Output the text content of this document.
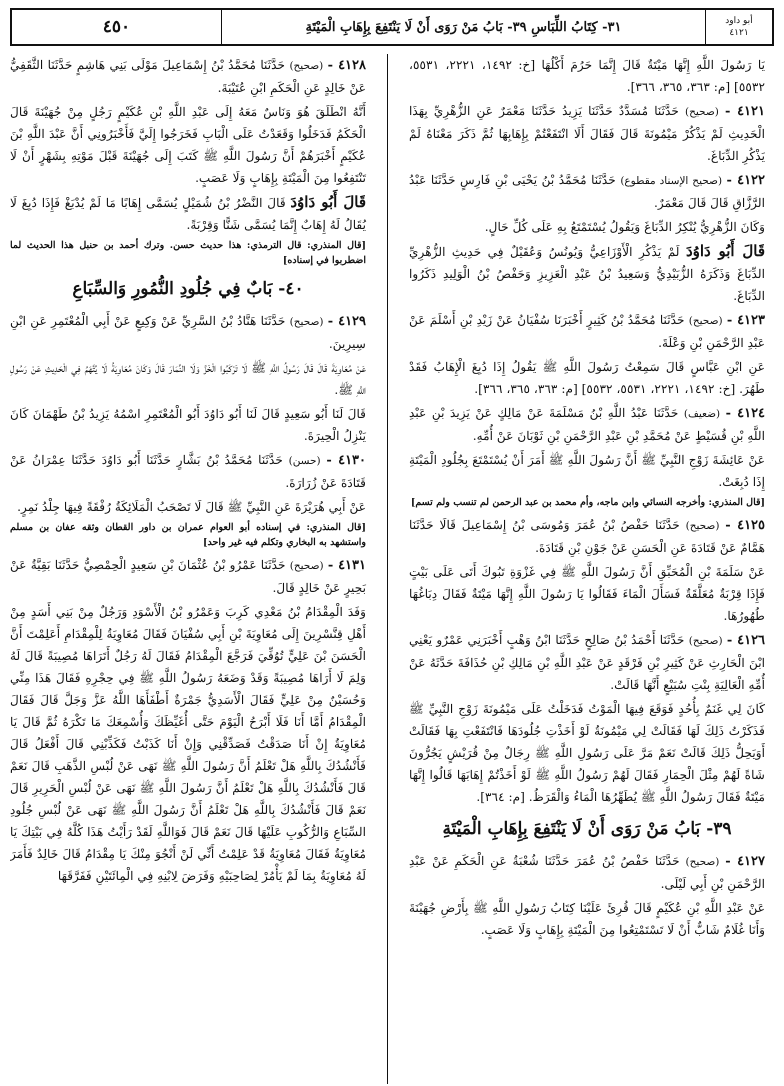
٤٥٠	٣١- كِتَابُ اللِّبَاسِ ٣٩- بَابُ مَنْ رَوَى أَنْ لَا يَنْتَفِعَ بِإِهَابِ الْمَيْتَةِ	أبو داود
٤١٢١
٤١٢٨ - (صحيح) حَدَّثَنَا مُحَمَّدُ بْنُ إِسْمَاعِيلَ مَوْلَى بَنِي هَاشِمٍ حَدَّثَنَا الثَّقَفِيُّ عَنْ خَالِدٍ عَنِ الْحَكَمِ ابْنِ عُتَيْبَةَ.
أَنَّهُ انْطَلَقَ هُوَ وَنَاسٌ مَعَهُ إِلَى عَبْدِ اللَّهِ بْنِ عُكَيْمٍ رَجُلٍ مِنْ جُهَيْنَةَ قَالَ الْحَكَمُ فَدَخَلُوا وَقَعَدْتُ عَلَى الْبَابِ فَخَرَجُوا إِلَيَّ فَأَخْبَرُونِي أَنَّ عَبْدَ اللَّهِ بْنَ عُكَيْمٍ أَخْبَرَهُمْ أَنَّ رَسُولَ اللَّهِ ﷺ كَتَبَ إِلَى جُهَيْنَةَ قَبْلَ مَوْتِهِ بِشَهْرٍ أَنْ لَا تَنْتَفِعُوا مِنَ الْمَيْتَةِ بِإِهَابٍ وَلَا عَصَبٍ.
قَالَ أَبُو دَاوُدَ قَالَ النَّضْرُ بْنُ شُمَيْلٍ يُسَمَّى إِهَابًا مَا لَمْ يُدْبَغْ فَإِذَا دُبِغَ لَا يُقَالُ لَهُ إِهَابٌ إِنَّمَا يُسَمَّى شَنًّا وَقِرْبَةً.
[قال المنذري: قال الترمذي: هذا حديث حسن. وترك أحمد بن حنبل هذا الحديث لما اضطربوا في إسناده]
٤٠- بَابٌ فِي جُلُودِ النُّمُورِ وَالسِّبَاعِ
٤١٢٩ - (صحيح) حَدَّثَنَا هَنَّادُ بْنُ السَّرِيِّ عَنْ وَكِيعٍ عَنْ أَبِي الْمُعْتَمِرِ عَنِ ابْنِ سِيرِينَ.
عَنْ مُعَاوِيَةَ قَالَ قَالَ رَسُولُ اللَّهِ ﷺ لَا تَرْكَبُوا الْخَزَّ وَلَا النِّمَارَ قَالَ وَكَانَ مُعَاوِيَةُ لَا يُتَّهَمُ فِي الْحَدِيثِ عَنْ رَسُولِ اللَّهِ ﷺ.
قَالَ لَنَا أَبُو سَعِيدٍ قَالَ لَنَا أَبُو دَاوُدَ أَبُو الْمُعْتَمِرِ اسْمُهُ يَزِيدُ بْنُ طَهْمَانَ كَانَ يَنْزِلُ الْحِيرَةَ.
٤١٣٠ - (حسن) حَدَّثَنَا مُحَمَّدُ بْنُ بَشَّارٍ حَدَّثَنَا أَبُو دَاوُدَ حَدَّثَنَا عِمْرَانُ عَنْ قَتَادَةَ عَنْ زُرَارَةَ.
عَنْ أَبِي هُرَيْرَةَ عَنِ النَّبِيِّ ﷺ قَالَ لَا تَصْحَبُ الْمَلَائِكَةُ رُفْقَةً فِيهَا جِلْدُ نَمِرٍ.
[قال المنذري: في إسناده أبو العوام عمران بن داور القطان وثقه عفان بن مسلم واستشهد به البخاري وتكلم فيه غير واحد]
٤١٣١ - (صحيح) حَدَّثَنَا عَمْرُو بْنُ عُثْمَانَ بْنِ سَعِيدٍ الْحِمْصِيُّ حَدَّثَنَا بَقِيَّةُ عَنْ بَحِيرٍ عَنْ خَالِدٍ قَالَ.
وَفَدَ الْمِقْدَامُ بْنُ مَعْدِي كَرِبَ وَعَمْرُو بْنُ الْأَسْوَدِ وَرَجُلٌ مِنْ بَنِي أَسَدٍ مِنْ أَهْلِ قِنَّسْرِينَ إِلَى مُعَاوِيَةَ بْنِ أَبِي سُفْيَانَ فَقَالَ مُعَاوِيَةُ لِلْمِقْدَامِ أَعَلِمْتَ أَنَّ الْحَسَنَ بْنَ عَلِيٍّ تُوُفِّيَ فَرَجَّعَ الْمِقْدَامُ فَقَالَ لَهُ رَجُلٌ أَتَرَاهَا مُصِيبَةً قَالَ لَهُ وَلِمَ لَا أَرَاهَا مُصِيبَةً وَقَدْ وَضَعَهُ رَسُولُ اللَّهِ ﷺ فِي حِجْرِهِ فَقَالَ هَذَا مِنِّي وَحُسَيْنٌ مِنْ عَلِيٍّ فَقَالَ الْأَسَدِيُّ جَمْرَةٌ أَطْفَأَهَا اللَّهُ عَزَّ وَجَلَّ قَالَ فَقَالَ الْمِقْدَامُ أَمَّا أَنَا فَلَا أَبْرَحُ الْيَوْمَ حَتَّى أُغَيِّظَكَ وَأُسْمِعَكَ مَا تَكْرَهُ ثُمَّ قَالَ يَا مُعَاوِيَةُ إِنْ أَنَا صَدَقْتُ فَصَدِّقْنِي وَإِنْ أَنَا كَذَبْتُ فَكَذِّبْنِي قَالَ أَفْعَلُ قَالَ فَأَنْشُدُكَ بِاللَّهِ هَلْ تَعْلَمُ أَنَّ رَسُولَ اللَّهِ ﷺ نَهَى عَنْ لُبْسِ الذَّهَبِ قَالَ نَعَمْ قَالَ فَأَنْشُدُكَ بِاللَّهِ هَلْ تَعْلَمُ أَنَّ رَسُولَ اللَّهِ ﷺ نَهَى عَنْ لُبْسِ الْحَرِيرِ قَالَ نَعَمْ قَالَ فَأَنْشُدُكَ بِاللَّهِ هَلْ تَعْلَمُ أَنَّ رَسُولَ اللَّهِ ﷺ نَهَى عَنْ لُبْسِ جُلُودِ السِّبَاعِ وَالرُّكُوبِ عَلَيْهَا قَالَ نَعَمْ قَالَ فَوَاللَّهِ لَقَدْ رَأَيْتُ هَذَا كُلَّهُ فِي بَيْتِكَ يَا مُعَاوِيَةُ فَقَالَ مُعَاوِيَةُ قَدْ عَلِمْتُ أَنِّي لَنْ أَنْجُوَ مِنْكَ يَا مِقْدَامُ قَالَ خَالِدٌ فَأَمَرَ لَهُ مُعَاوِيَةُ بِمَا لَمْ يَأْمُرْ لِصَاحِبَيْهِ وَفَرَضَ لِابْنِهِ فِي الْمِائَتَيْنِ فَفَرَّقَهَا
يَا رَسُولَ اللَّهِ إِنَّهَا مَيْتَةٌ قَالَ إِنَّمَا حَرُمَ أَكْلُهَا [خ: ١٤٩٢، ٢٢٢١، ٥٥٣١، ٥٥٣٢] [م: ٣٦٣، ٣٦٥، ٣٦٦].
٤١٢١ - (صحيح) حَدَّثَنَا مُسَدَّدٌ حَدَّثَنَا يَزِيدُ حَدَّثَنَا مَعْمَرٌ عَنِ الزُّهْرِيِّ بِهَذَا الْحَدِيثِ لَمْ يَذْكُرْ مَيْمُونَةَ قَالَ فَقَالَ أَلَا انْتَفَعْتُمْ بِإِهَابِهَا ثُمَّ ذَكَرَ مَعْنَاهُ لَمْ يَذْكُرِ الدِّبَاغَ.
٤١٢٢ - (صحيح الإسناد مقطوع) حَدَّثَنَا مُحَمَّدُ بْنُ يَحْيَى بْنِ فَارِسٍ حَدَّثَنَا عَبْدُ الرَّزَّاقِ قَالَ قَالَ مَعْمَرٌ.
وَكَانَ الزُّهْرِيُّ يُنْكِرُ الدِّبَاغَ وَيَقُولُ يُسْتَمْتَعُ بِهِ عَلَى كُلِّ حَالٍ.
قَالَ أَبُو دَاوُدَ لَمْ يَذْكُرِ الْأَوْزَاعِيُّ وَيُونُسُ وَعُقَيْلٌ فِي حَدِيثِ الزُّهْرِيِّ الدِّبَاغَ وَذَكَرَهُ الزُّبَيْدِيُّ وَسَعِيدُ بْنُ عَبْدِ الْعَزِيزِ وَحَفْصُ بْنُ الْوَلِيدِ ذَكَرُوا الدِّبَاغَ.
٤١٢٣ - (صحيح) حَدَّثَنَا مُحَمَّدُ بْنُ كَثِيرٍ أَخْبَرَنَا سُفْيَانُ عَنْ زَيْدِ بْنِ أَسْلَمَ عَنْ عَبْدِ الرَّحْمَنِ بْنِ وَعْلَةَ.
عَنِ ابْنِ عَبَّاسٍ قَالَ سَمِعْتُ رَسُولَ اللَّهِ ﷺ يَقُولُ إِذَا دُبِغَ الْإِهَابُ فَقَدْ طَهُرَ. [خ: ١٤٩٢، ٢٢٢١، ٥٥٣١، ٥٥٣٢] [م: ٣٦٣، ٣٦٥، ٣٦٦].
٤١٢٤ - (ضعيف) حَدَّثَنَا عَبْدُ اللَّهِ بْنُ مَسْلَمَةَ عَنْ مَالِكٍ عَنْ يَزِيدَ بْنِ عَبْدِ اللَّهِ بْنِ قُسَيْطٍ عَنْ مُحَمَّدِ بْنِ عَبْدِ الرَّحْمَنِ بْنِ ثَوْبَانَ عَنْ أُمِّهِ.
عَنْ عَائِشَةَ زَوْجِ النَّبِيِّ ﷺ أَنَّ رَسُولَ اللَّهِ ﷺ أَمَرَ أَنْ يُسْتَمْتَعَ بِجُلُودِ الْمَيْتَةِ إِذَا دُبِغَتْ.
[قال المنذري: وأخرجه النسائي وابن ماجه، وأم محمد بن عبد الرحمن لم تنسب ولم تسم]
٤١٢٥ - (صحيح) حَدَّثَنَا حَفْصُ بْنُ عُمَرَ وَمُوسَى بْنُ إِسْمَاعِيلَ قَالَا حَدَّثَنَا هَمَّامٌ عَنْ قَتَادَةَ عَنِ الْحَسَنِ عَنْ جَوْنِ بْنِ قَتَادَةَ.
عَنْ سَلَمَةَ بْنِ الْمُحَبِّقِ أَنَّ رَسُولَ اللَّهِ ﷺ فِي غَزْوَةِ تَبُوكَ أَتَى عَلَى بَيْتٍ فَإِذَا قِرْبَةٌ مُعَلَّقَةٌ فَسَأَلَ الْمَاءَ فَقَالُوا يَا رَسُولَ اللَّهِ إِنَّهَا مَيْتَةٌ فَقَالَ دِبَاغُهَا طُهُورُهَا.
٤١٢٦ - (صحيح) حَدَّثَنَا أَحْمَدُ بْنُ صَالِحٍ حَدَّثَنَا ابْنُ وَهْبٍ أَخْبَرَنِي عَمْرٌو يَعْنِي ابْنَ الْحَارِثِ عَنْ كَثِيرِ بْنِ فَرْقَدٍ عَنْ عَبْدِ اللَّهِ بْنِ مَالِكِ بْنِ حُذَافَةَ حَدَّثَهُ عَنْ أُمِّهِ الْعَالِيَةِ بِنْتِ سُبَيْعٍ أَنَّهَا قَالَتْ.
كَانَ لِي غَنَمٌ بِأُحُدٍ فَوَقَعَ فِيهَا الْمَوْتُ فَدَخَلْتُ عَلَى مَيْمُونَةَ زَوْجِ النَّبِيِّ ﷺ فَذَكَرْتُ ذَلِكَ لَهَا فَقَالَتْ لِي مَيْمُونَةُ لَوْ أَخَذْتِ جُلُودَهَا فَانْتَفَعْتِ بِهَا فَقَالَتْ أَوَيَحِلُّ ذَلِكَ قَالَتْ نَعَمْ مَرَّ عَلَى رَسُولِ اللَّهِ ﷺ رِجَالٌ مِنْ قُرَيْشٍ يَجُرُّونَ شَاةً لَهُمْ مِثْلَ الْحِمَارِ فَقَالَ لَهُمْ رَسُولُ اللَّهِ ﷺ لَوْ أَخَذْتُمْ إِهَابَهَا قَالُوا إِنَّهَا مَيْتَةٌ فَقَالَ رَسُولُ اللَّهِ ﷺ يُطَهِّرُهَا الْمَاءُ وَالْقَرَظُ. [م: ٣٦٤].
٣٩- بَابُ مَنْ رَوَى أَنْ لَا يَنْتَفِعَ بِإِهَابِ الْمَيْتَةِ
٤١٢٧ - (صحيح) حَدَّثَنَا حَفْصُ بْنُ عُمَرَ حَدَّثَنَا شُعْبَةُ عَنِ الْحَكَمِ عَنْ عَبْدِ الرَّحْمَنِ بْنِ أَبِي لَيْلَى.
عَنْ عَبْدِ اللَّهِ بْنِ عُكَيْمٍ قَالَ قُرِئَ عَلَيْنَا كِتَابُ رَسُولِ اللَّهِ ﷺ بِأَرْضِ جُهَيْنَةَ وَأَنَا غُلَامٌ شَابٌّ أَنْ لَا تَسْتَمْتِعُوا مِنَ الْمَيْتَةِ بِإِهَابٍ وَلَا عَصَبٍ.
